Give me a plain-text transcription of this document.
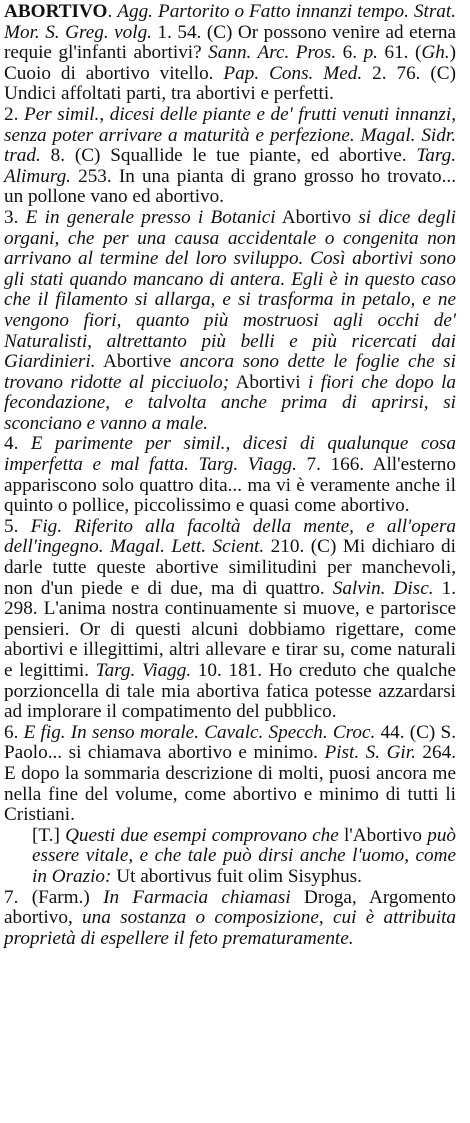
ABORTIVO. Agg. Partorito o Fatto innanzi tempo. Strat. Mor. S. Greg. volg. 1. 54. (C) Or possono venire ad eterna requie gl'infanti abortivi? Sann. Arc. Pros. 6. p. 61. (Gh.) Cuoio di abortivo vitello. Pap. Cons. Med. 2. 76. (C) Undici affoltati parti, tra abortivi e perfetti.

2. Per simil., dicesi delle piante e de' frutti venuti innanzi, senza poter arrivare a maturità e perfezione. Magal. Sidr. trad. 8. (C) Squallide le tue piante, ed abortive. Targ. Alimurg. 253. In una pianta di grano grosso ho trovato... un pollone vano ed abortivo.

3. E in generale presso i Botanici Abortivo si dice degli organi, che per una causa accidentale o congenita non arrivano al termine del loro sviluppo. Così abortivi sono gli stati quando mancano di antera. Egli è in questo caso che il filamento si allarga, e si trasforma in petalo, e ne vengono fiori, quanto più mostruosi agli occhi de' Naturalisti, altrettanto più belli e più ricercati dai Giardinieri. Abortive ancora sono dette le foglie che si trovano ridotte al picciuolo; Abortivi i fiori che dopo la fecondazione, e talvolta anche prima di aprirsi, si sconciano e vanno a male.

4. E parimente per simil., dicesi di qualunque cosa imperfetta e mal fatta. Targ. Viagg. 7. 166. All'esterno appariscono solo quattro dita... ma vi è veramente anche il quinto o pollice, piccolissimo e quasi come abortivo.

5. Fig. Riferito alla facoltà della mente, e all'opera dell'ingegno. Magal. Lett. Scient. 210. (C) Mi dichiaro di darle tutte queste abortive similitudini per manchevoli, non d'un piede e di due, ma di quattro. Salvin. Disc. 1. 298. L'anima nostra continuamente si muove, e partorisce pensieri. Or di questi alcuni dobbiamo rigettare, come abortivi e illegittimi, altri allevare e tirar su, come naturali e legittimi. Targ. Viagg. 10. 181. Ho creduto che qualche porzioncella di tale mia abortiva fatica potesse azzardarsi ad implorare il compatimento del pubblico.

6. E fig. In senso morale. Cavalc. Specch. Croc. 44. (C) S. Paolo... si chiamava abortivo e minimo. Pist. S. Gir. 264. E dopo la sommaria descrizione di molti, puosi ancora me nella fine del volume, come abortivo e minimo di tutti li Cristiani.

[T.] Questi due esempi comprovano che l'Abortivo può essere vitale, e che tale può dirsi anche l'uomo, come in Orazio: Ut abortivus fuit olim Sisyphus.

7. (Farm.) In Farmacia chiamasi Droga, Argomento abortivo, una sostanza o composizione, cui è attribuita proprietà di espellere il feto prematuramente.
